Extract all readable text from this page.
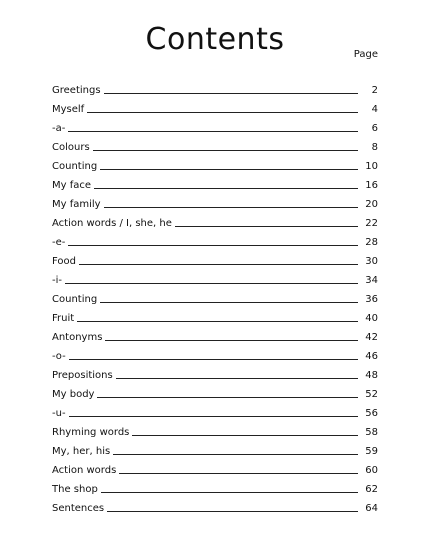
Contents	Page
Greetings	2
Myself	4
-a-	6
Colours	8
Counting	10
My face	16
My family	20
Action words / I, she, he	22
-e-	28
Food	30
-i-	34
Counting	36
Fruit	40
Antonyms	42
-o-	46
Prepositions	48
My body	52
-u-	56
Rhyming words	58
My, her, his	59
Action words	60
The shop	62
Sentences	64
